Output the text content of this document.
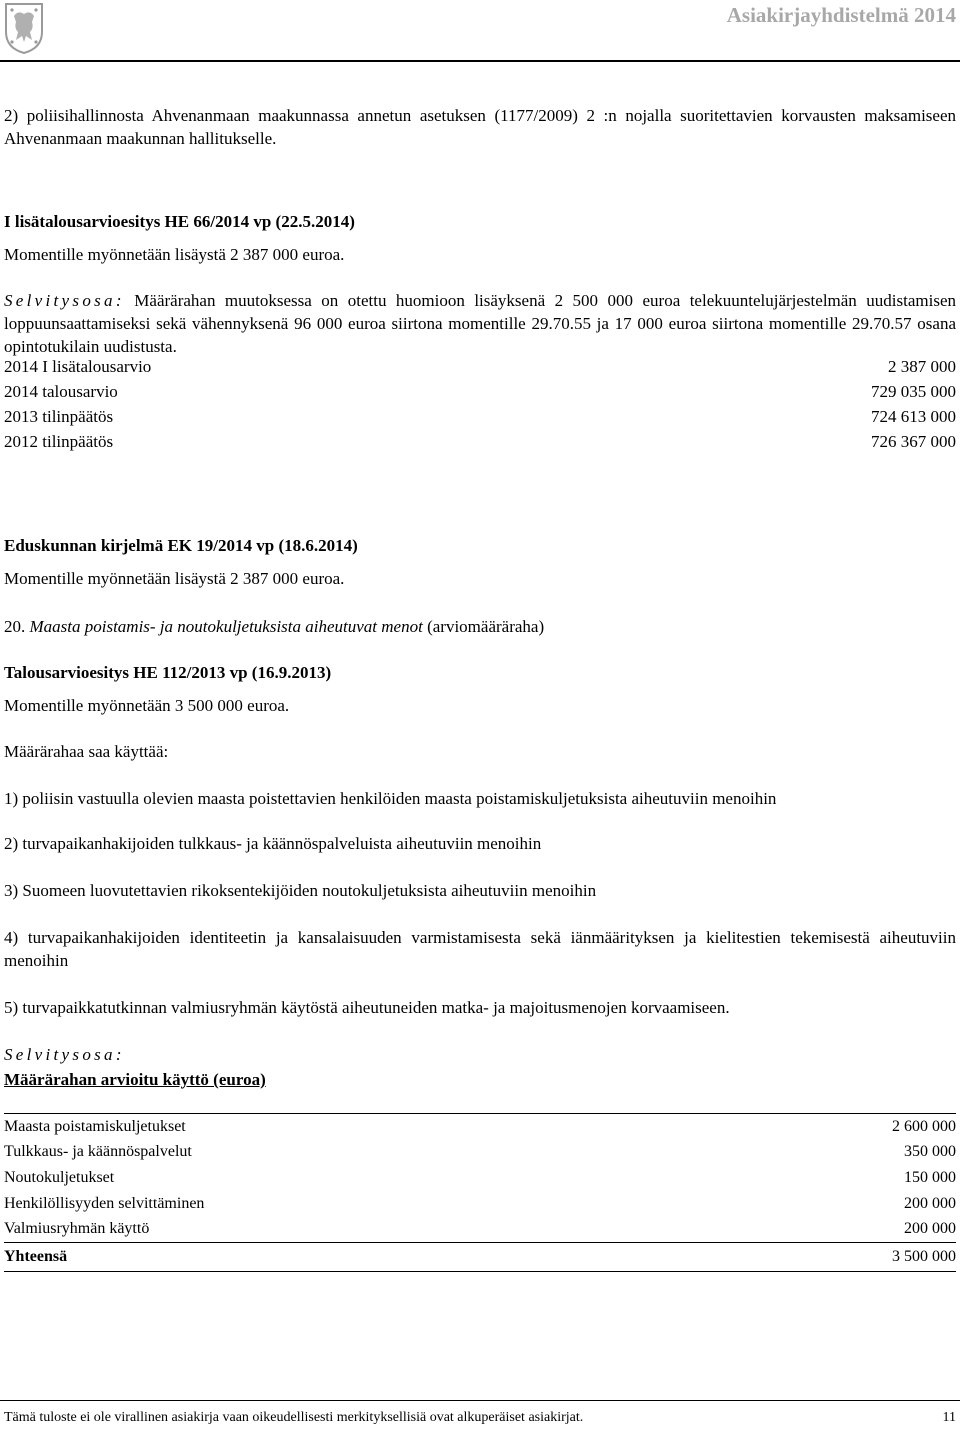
Asiakirjayhdistelmä 2014
2) poliisihallinnosta Ahvenanmaan maakunnassa annetun asetuksen (1177/2009) 2 :n nojalla suoritettavien korvausten maksamiseen Ahvenanmaan maakunnan hallitukselle.
I lisätalousarvioesitys HE 66/2014 vp (22.5.2014)
Momentille myönnetään lisäystä 2 387 000 euroa.
Selvitysosa: Määrärahan muutoksessa on otettu huomioon lisäyksenä 2 500 000 euroa telekuuntelujärjestelmän uudistamisen loppuunsaattamiseksi sekä vähennyksenä 96 000 euroa siirtona momentille 29.70.55 ja 17 000 euroa siirtona momentille 29.70.57 osana opintotukilain uudistusta.
2014 I lisätalousarvio	2 387 000
2014 talousarvio	729 035 000
2013 tilinpäätös	724 613 000
2012 tilinpäätös	726 367 000
Eduskunnan kirjelmä EK 19/2014 vp (18.6.2014)
Momentille myönnetään lisäystä 2 387 000 euroa.
20. Maasta poistamis- ja noutokuljetuksista aiheutuvat menot (arviomääräraha)
Talousarvioesitys HE 112/2013 vp (16.9.2013)
Momentille myönnetään 3 500 000 euroa.
Määrärahaa saa käyttää:
1) poliisin vastuulla olevien maasta poistettavien henkilöiden maasta poistamiskuljetuksista aiheutuviin menoihin
2) turvapaikanhakijoiden tulkkaus- ja käännöspalveluista aiheutuviin menoihin
3) Suomeen luovutettavien rikoksentekijöiden noutokuljetuksista aiheutuviin menoihin
4) turvapaikanhakijoiden identiteetin ja kansalaisuuden varmistamisesta sekä iänmäärityksen ja kielitestien tekemisestä aiheutuviin menoihin
5) turvapaikkatutkinnan valmiusryhmän käytöstä aiheutuneiden matka- ja majoitusmenojen korvaamiseen.
Selvitysosa:
Määrärahan arvioitu käyttö (euroa)
Maasta poistamiskuljetukset	2 600 000
Tulkkaus- ja käännöspalvelut	350 000
Noutokuljetukset	150 000
Henkilöllisyyden selvittäminen	200 000
Valmiusryhmän käyttö	200 000
Yhteensä	3 500 000
Tämä tuloste ei ole virallinen asiakirja vaan oikeudellisesti merkityksellisiä ovat alkuperäiset asiakirjat.	11
